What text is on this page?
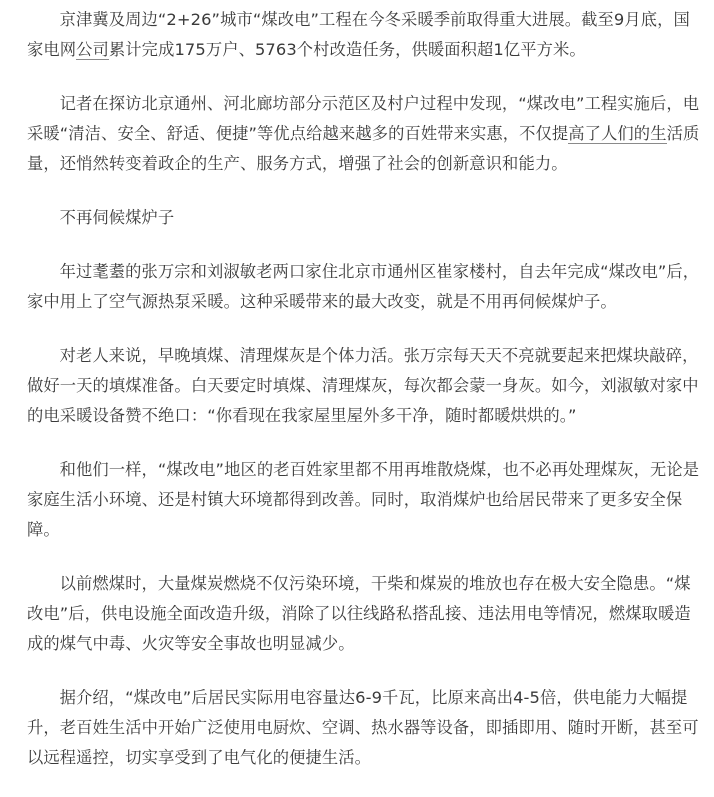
京津冀及周边“2+26”城市“煤改电”工程在今冬采暖季前取得重大进展。截至9月底，国家电网公司累计完成175万户、5763个村改造任务，供暖面积超1亿平方米。

记者在探访北京通州、河北廊坊部分示范区及村户过程中发现，“煤改电”工程实施后，电采暖“清洁、安全、舒适、便捷”等优点给越来越多的百姓带来实惠，不仅提高了人们的生活质量，还悄然转变着政企的生产、服务方式，增强了社会的创新意识和能力。

不再伺候煤炉子

年过耄耋的张万宗和刘淑敏老两口家住北京市通州区崔家楼村，自去年完成“煤改电”后，家中用上了空气源热泵采暖。这种采暖带来的最大改变，就是不用再伺候煤炉子。

对老人来说，早晚填煤、清理煤灰是个体力活。张万宗每天天不亮就要起来把煤块敲碎，做好一天的填煤准备。白天要定时填煤、清理煤灰，每次都会蒙一身灰。如今，刘淑敏对家中的电采暖设备赞不绝口：“你看现在我家屋里屋外多干净，随时都暖烘烘的。”

和他们一样，“煤改电”地区的老百姓家里都不用再堆散烧煤，也不必再处理煤灰，无论是家庭生活小环境、还是村镇大环境都得到改善。同时，取消煤炉也给居民带来了更多安全保障。

以前燃煤时，大量煤炭燃烧不仅污染环境，干柴和煤炭的堆放也存在极大安全隐患。“煤改电”后，供电设施全面改造升级，消除了以往线路私搭乱接、违法用电等情况，燃煤取暖造成的煤气中毒、火灾等安全事故也明显减少。

据介绍，“煤改电”后居民实际用电容量达6-9千瓦，比原来高出4-5倍，供电能力大幅提升，老百姓生活中开始广泛使用电厨炊、空调、热水器等设备，即插即用、随时开断，甚至可以远程遥控，切实享受到了电气化的便捷生活。
